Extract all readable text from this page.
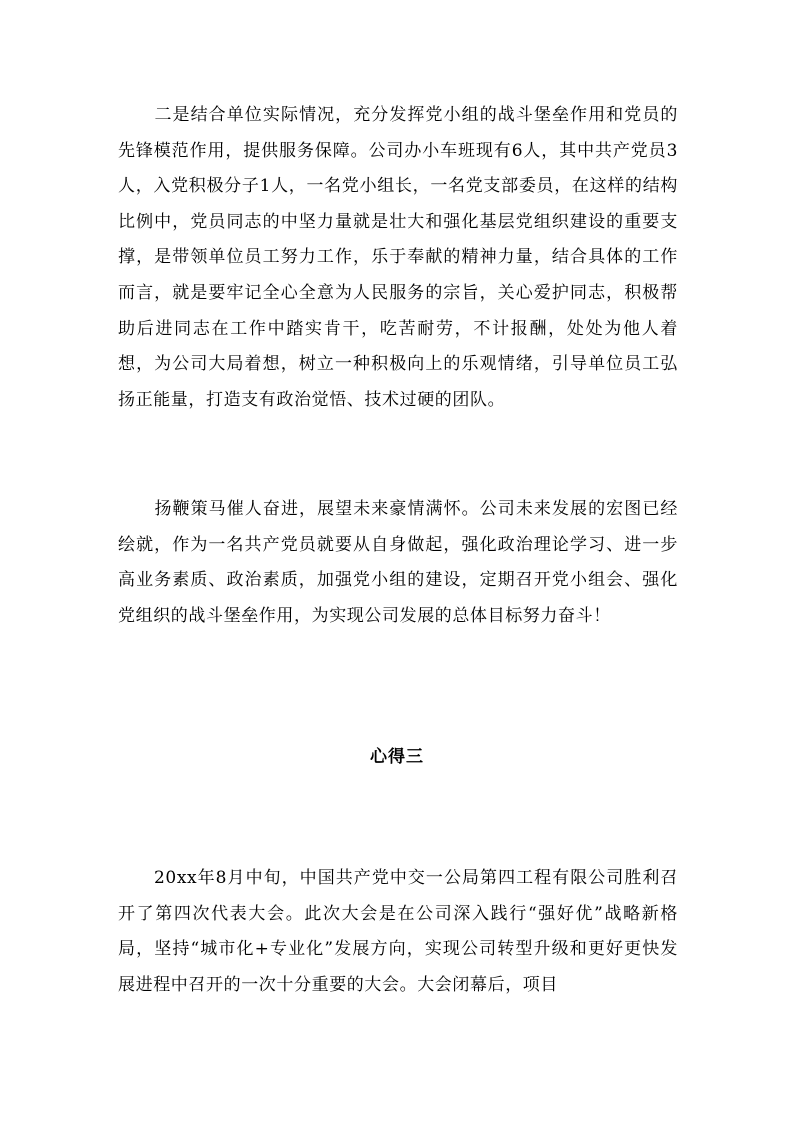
二是结合单位实际情况，充分发挥党小组的战斗堡垒作用和党员的先锋模范作用，提供服务保障。公司办小车班现有6人，其中共产党员3人，入党积极分子1人，一名党小组长，一名党支部委员，在这样的结构比例中，党员同志的中坚力量就是壮大和强化基层党组织建设的重要支撑，是带领单位员工努力工作，乐于奉献的精神力量，结合具体的工作而言，就是要牢记全心全意为人民服务的宗旨，关心爱护同志，积极帮助后进同志在工作中踏实肯干，吃苦耐劳，不计报酬，处处为他人着想，为公司大局着想，树立一种积极向上的乐观情绪，引导单位员工弘扬正能量，打造支有政治觉悟、技术过硬的团队。

扬鞭策马催人奋进，展望未来豪情满怀。公司未来发展的宏图已经绘就，作为一名共产党员就要从自身做起，强化政治理论学习、进一步高业务素质、政治素质，加强党小组的建设，定期召开党小组会、强化党组织的战斗堡垒作用，为实现公司发展的总体目标努力奋斗！

心得三

20xx年8月中旬，中国共产党中交一公局第四工程有限公司胜利召开了第四次代表大会。此次大会是在公司深入践行“强好优”战略新格局，坚持“城市化+专业化”发展方向，实现公司转型升级和更好更快发展进程中召开的一次十分重要的大会。大会闭幕后，项目
